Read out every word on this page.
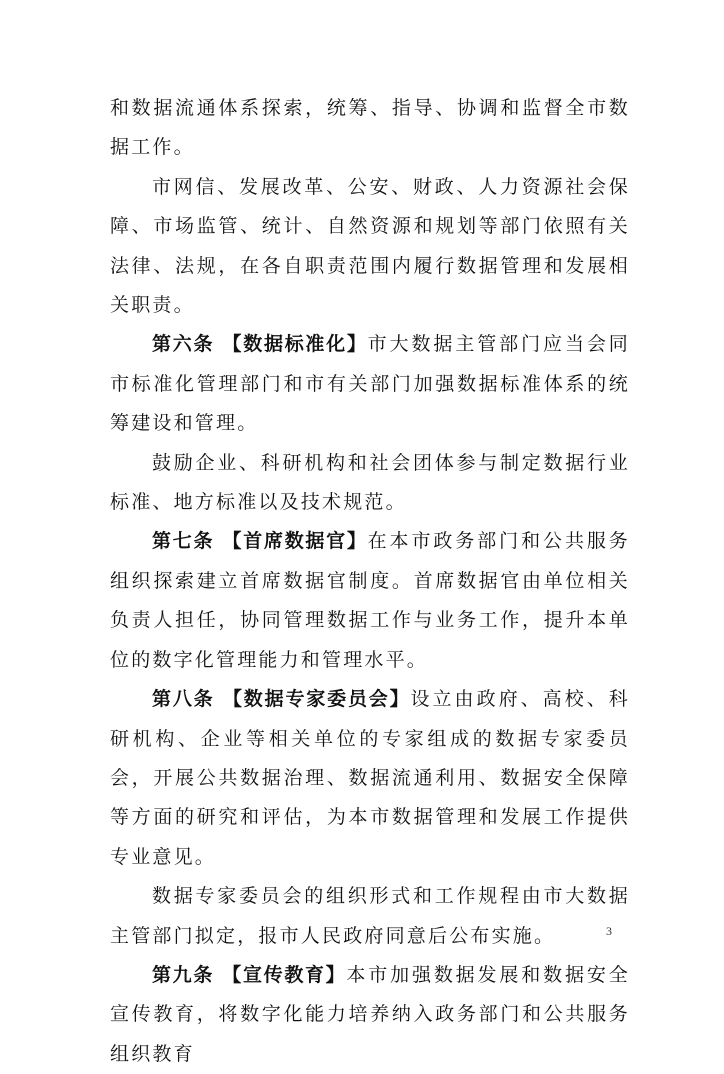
和数据流通体系探索，统筹、指导、协调和监督全市数据工作。

市网信、发展改革、公安、财政、人力资源社会保障、市场监管、统计、自然资源和规划等部门依照有关法律、法规，在各自职责范围内履行数据管理和发展相关职责。

第六条 【数据标准化】市大数据主管部门应当会同市标准化管理部门和市有关部门加强数据标准体系的统筹建设和管理。

鼓励企业、科研机构和社会团体参与制定数据行业标准、地方标准以及技术规范。

第七条 【首席数据官】在本市政务部门和公共服务组织探索建立首席数据官制度。首席数据官由单位相关负责人担任，协同管理数据工作与业务工作，提升本单位的数字化管理能力和管理水平。

第八条 【数据专家委员会】设立由政府、高校、科研机构、企业等相关单位的专家组成的数据专家委员会，开展公共数据治理、数据流通利用、数据安全保障等方面的研究和评估，为本市数据管理和发展工作提供专业意见。

数据专家委员会的组织形式和工作规程由市大数据主管部门拟定，报市人民政府同意后公布实施。

第九条 【宣传教育】本市加强数据发展和数据安全宣传教育，将数字化能力培养纳入政务部门和公共服务组织教育

3
